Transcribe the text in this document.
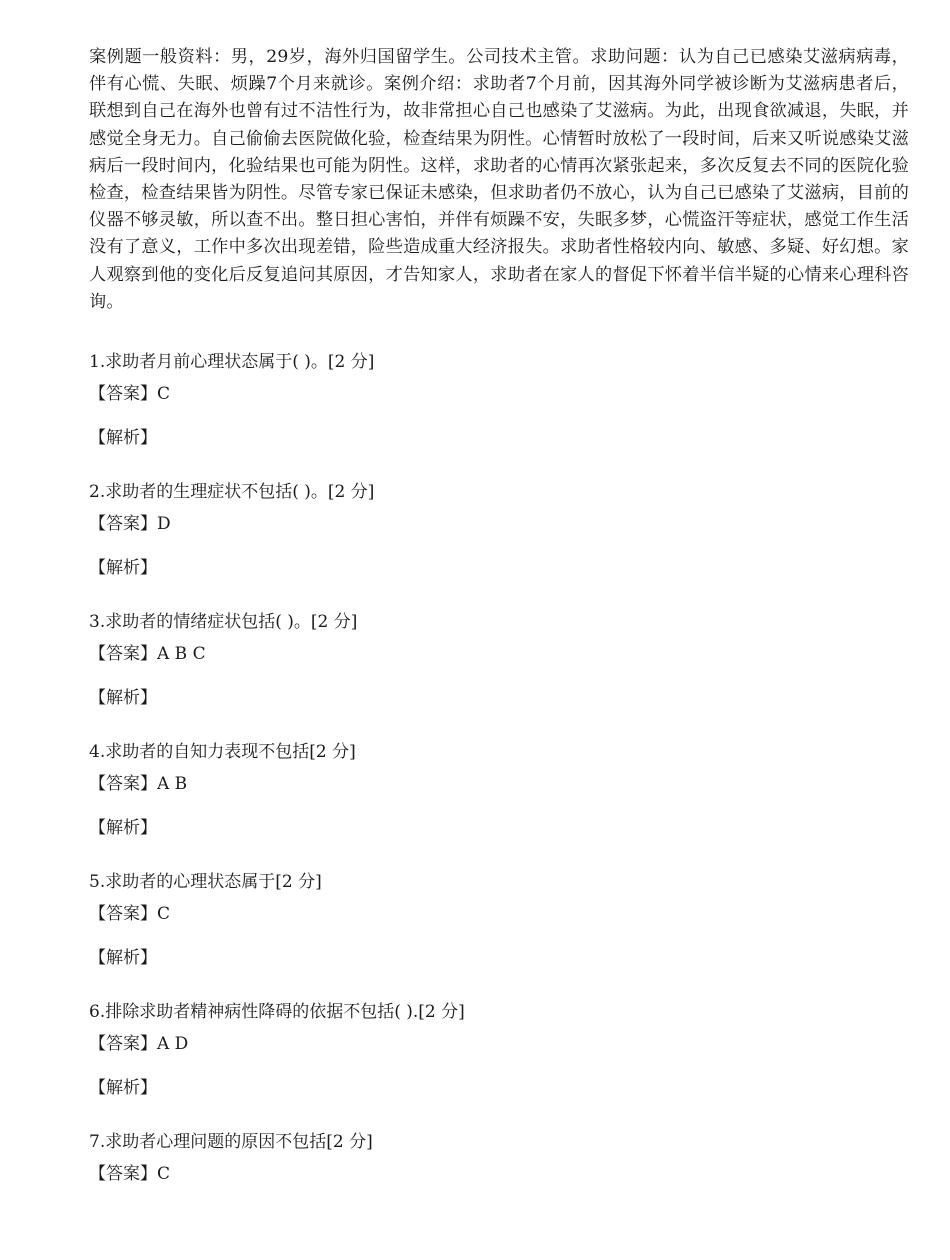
案例题一般资料：男，29岁，海外归国留学生。公司技术主管。求助问题：认为自己已感染艾滋病病毒，伴有心慌、失眠、烦躁7个月来就诊。案例介绍：求助者7个月前，因其海外同学被诊断为艾滋病患者后，联想到自己在海外也曾有过不洁性行为，故非常担心自己也感染了艾滋病。为此，出现食欲减退，失眠，并感觉全身无力。自己偷偷去医院做化验，检查结果为阴性。心情暂时放松了一段时间，后来又听说感染艾滋病后一段时间内，化验结果也可能为阴性。这样，求助者的心情再次紧张起来，多次反复去不同的医院化验检查，检查结果皆为阴性。尽管专家已保证未感染，但求助者仍不放心，认为自己已感染了艾滋病，目前的仪器不够灵敏，所以查不出。整日担心害怕，并伴有烦躁不安，失眠多梦，心慌盗汗等症状，感觉工作生活没有了意义，工作中多次出现差错，险些造成重大经济报失。求助者性格较内向、敏感、多疑、好幻想。家人观察到他的变化后反复追问其原因，才告知家人，求助者在家人的督促下怀着半信半疑的心情来心理科咨询。

1.求助者月前心理状态属于( )。[2 分]
【答案】C
【解析】
2.求助者的生理症状不包括( )。[2 分]
【答案】D
【解析】
3.求助者的情绪症状包括( )。[2 分]
【答案】A B C
【解析】
4.求助者的自知力表现不包括[2 分]
【答案】A B
【解析】
5.求助者的心理状态属于[2 分]
【答案】C
【解析】
6.排除求助者精神病性降碍的依据不包括( ).[2 分]
【答案】A D
【解析】
7.求助者心理问题的原因不包括[2 分]
【答案】C
